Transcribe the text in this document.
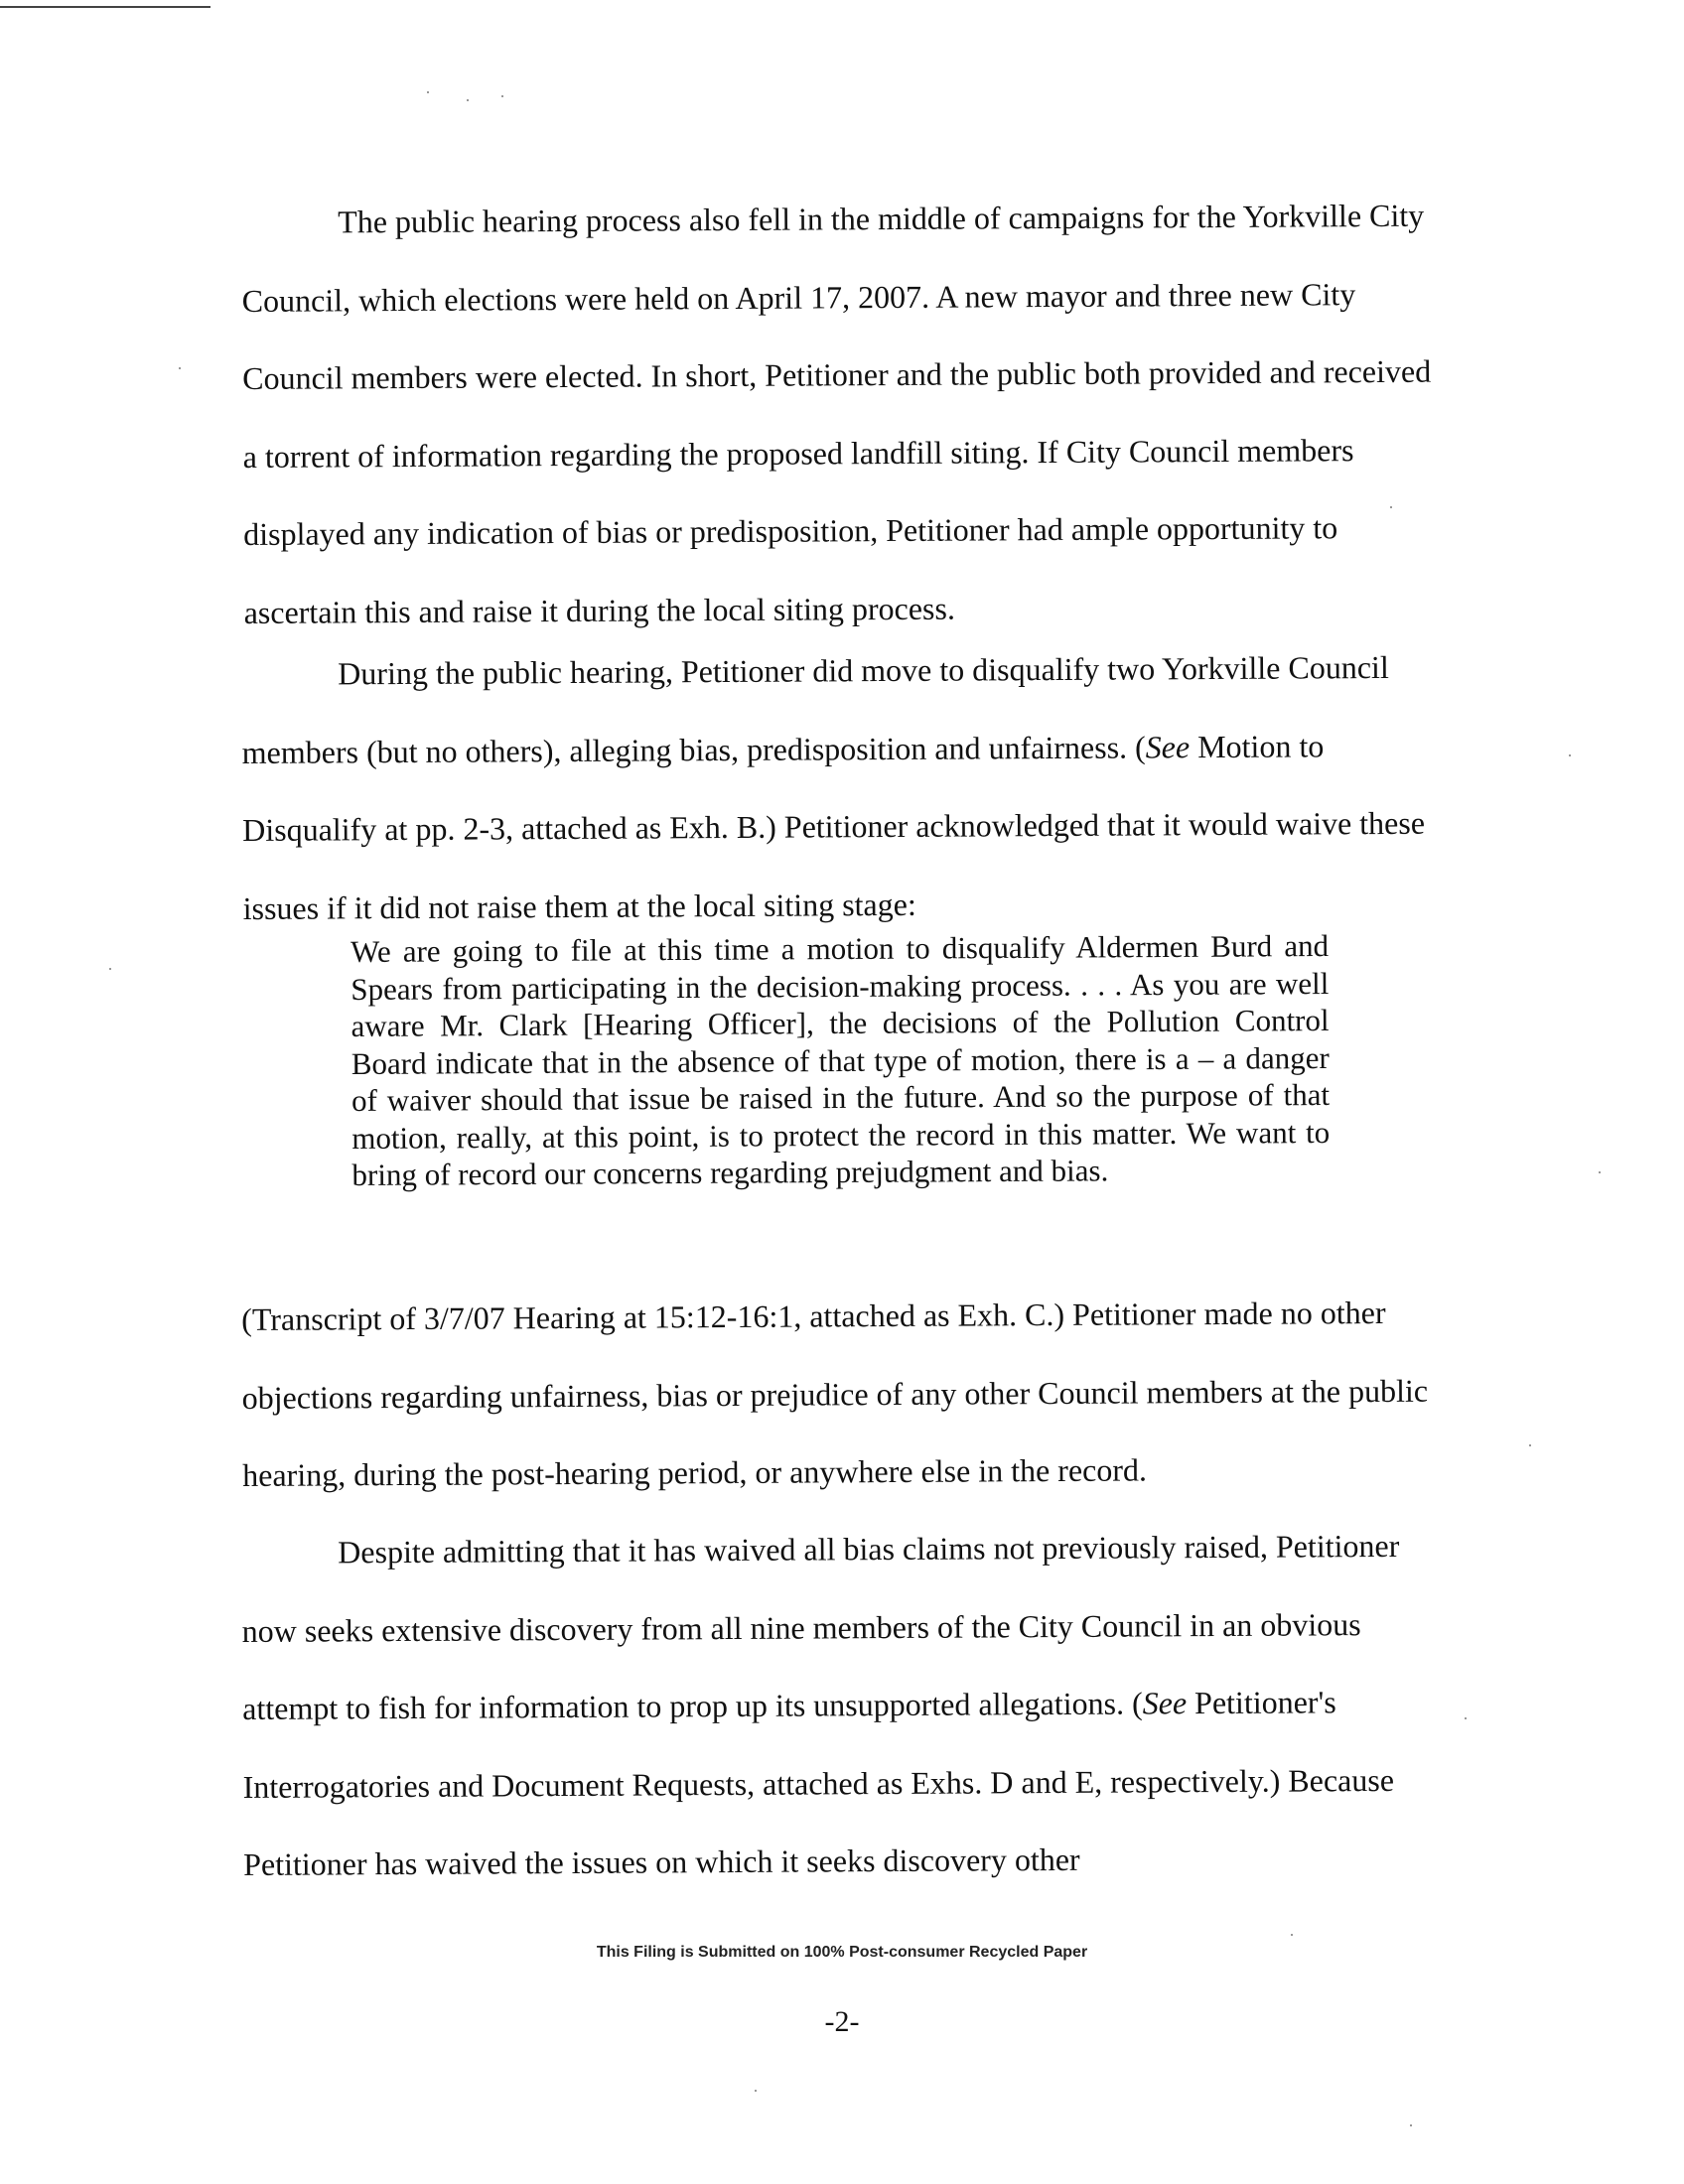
The public hearing process also fell in the middle of campaigns for the Yorkville City Council, which elections were held on April 17, 2007. A new mayor and three new City Council members were elected. In short, Petitioner and the public both provided and received a torrent of information regarding the proposed landfill siting. If City Council members displayed any indication of bias or predisposition, Petitioner had ample opportunity to ascertain this and raise it during the local siting process.

During the public hearing, Petitioner did move to disqualify two Yorkville Council members (but no others), alleging bias, predisposition and unfairness. (See Motion to Disqualify at pp. 2-3, attached as Exh. B.) Petitioner acknowledged that it would waive these issues if it did not raise them at the local siting stage:

We are going to file at this time a motion to disqualify Aldermen Burd and Spears from participating in the decision-making process. . . . As you are well aware Mr. Clark [Hearing Officer], the decisions of the Pollution Control Board indicate that in the absence of that type of motion, there is a – a danger of waiver should that issue be raised in the future. And so the purpose of that motion, really, at this point, is to protect the record in this matter. We want to bring of record our concerns regarding prejudgment and bias.

(Transcript of 3/7/07 Hearing at 15:12-16:1, attached as Exh. C.) Petitioner made no other objections regarding unfairness, bias or prejudice of any other Council members at the public hearing, during the post-hearing period, or anywhere else in the record.

Despite admitting that it has waived all bias claims not previously raised, Petitioner now seeks extensive discovery from all nine members of the City Council in an obvious attempt to fish for information to prop up its unsupported allegations. (See Petitioner's Interrogatories and Document Requests, attached as Exhs. D and E, respectively.) Because Petitioner has waived the issues on which it seeks discovery other

This Filing is Submitted on 100% Post-consumer Recycled Paper
-2-
